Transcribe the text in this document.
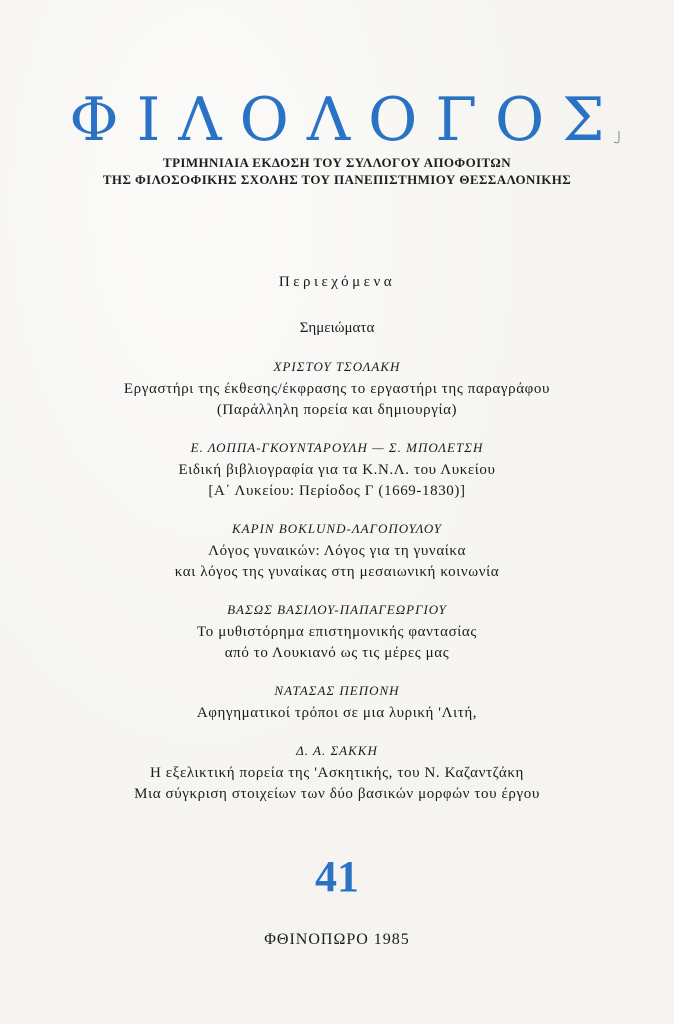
ΦΙΛΟΛΟΓΟΣ
ΤΡΙΜΗΝΙΑΙΑ ΕΚΔΟΣΗ ΤΟΥ ΣΥΛΛΟΓΟΥ ΑΠΟΦΟΙΤΩΝ
ΤΗΣ ΦΙΛΟΣΟΦΙΚΗΣ ΣΧΟΛΗΣ ΤΟΥ ΠΑΝΕΠΙΣΤΗΜΙΟΥ ΘΕΣΣΑΛΟΝΙΚΗΣ
Περιεχόμενα
Σημειώματα
ΧΡΙΣΤΟΥ ΤΣΟΛΑΚΗ
Εργαστήρι της έκθεσης/έκφρασης το εργαστήρι της παραγράφου
(Παράλληλη πορεία και δημιουργία)
Ε. ΛΟΠΠΑ-ΓΚΟΥΝΤΑΡΟΥΛΗ — Σ. ΜΠΟΛΕΤΣΗ
Ειδική βιβλιογραφία για τα Κ.Ν.Λ. του Λυκείου
[Α΄ Λυκείου: Περίοδος Γ (1669-1830)]
ΚΑΡΙΝ BOKLUND-ΛΑΓΟΠΟΥΛΟΥ
Λόγος γυναικών: Λόγος για τη γυναίκα
και λόγος της γυναίκας στη μεσαιωνική κοινωνία
ΒΑΣΩΣ ΒΑΣΙΛΟΥ-ΠΑΠΑΓΕΩΡΓΙΟΥ
Το μυθιστόρημα επιστημονικής φαντασίας
από το Λουκιανό ως τις μέρες μας
ΝΑΤΑΣΑΣ ΠΕΠΟΝΗ
Αφηγηματικοί τρόποι σε μια λυρική 'Λιτή,
Δ. Α. ΣΑΚΚΗ
Η εξελικτική πορεία της 'Ασκητικής, του Ν. Καζαντζάκη
Μια σύγκριση στοιχείων των δύο βασικών μορφών του έργου
41
ΦΘΙΝΟΠΩΡΟ 1985
